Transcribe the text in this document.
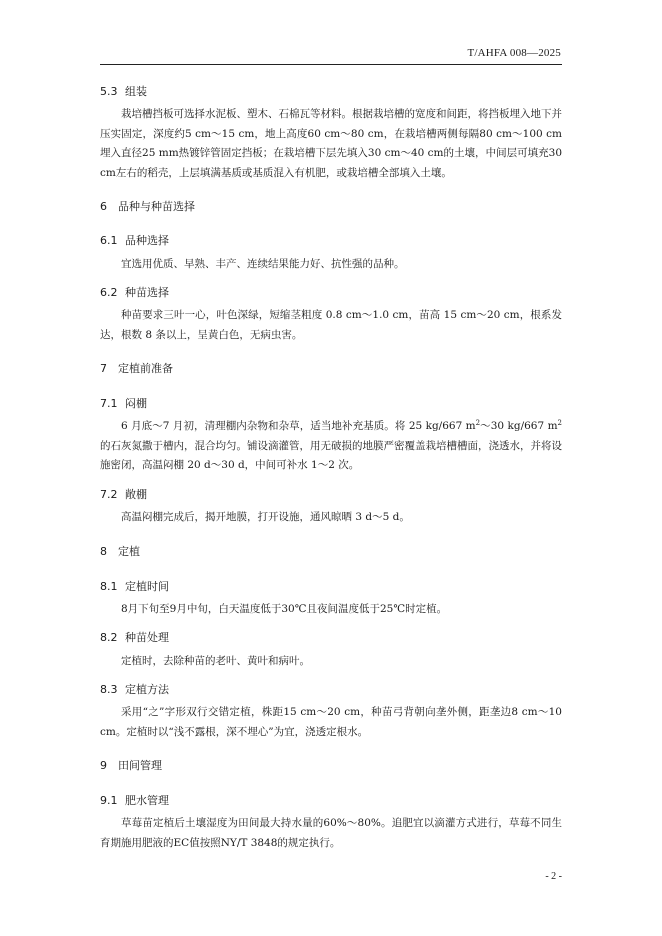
T/AHFA 008—2025
5.3 组装
栽培槽挡板可选择水泥板、塑木、石棉瓦等材料。根据栽培槽的宽度和间距，将挡板埋入地下并压实固定，深度约5 cm～15 cm，地上高度60 cm～80 cm，在栽培槽两侧每隔80 cm～100 cm埋入直径25 mm热镀锌管固定挡板；在栽培槽下层先填入30 cm～40 cm的土壤，中间层可填充30 cm左右的稻壳，上层填满基质或基质混入有机肥，或栽培槽全部填入土壤。
6 品种与种苗选择
6.1 品种选择
宜选用优质、早熟、丰产、连续结果能力好、抗性强的品种。
6.2 种苗选择
种苗要求三叶一心，叶色深绿，短缩茎粗度 0.8 cm～1.0 cm，苗高 15 cm～20 cm，根系发达，根数 8 条以上，呈黄白色，无病虫害。
7 定植前准备
7.1 闷棚
6 月底～7 月初，清理棚内杂物和杂草，适当地补充基质。将 25 kg/667 $m^2\sim 30$ kg/667 $m^2$的石灰氮撒于槽内，混合均匀。铺设滴灌管，用无破损的地膜严密覆盖栽培槽槽面，浇透水，并将设施密闭，高温闷棚 20 d～30 d，中间可补水 1～2 次。
7.2 敞棚
高温闷棚完成后，揭开地膜，打开设施，通风晾晒 3 d～5 d。
8 定植
8.1 定植时间
8月下旬至9月中旬，白天温度低于30℃且夜间温度低于25℃时定植。
8.2 种苗处理
定植时，去除种苗的老叶、黄叶和病叶。
8.3 定植方法
采用“之”字形双行交错定植，株距15 cm～20 cm，种苗弓背朝向垄外侧，距垄边8 cm～10 cm。定植时以“浅不露根，深不埋心”为宜，浇透定根水。
9 田间管理
9.1 肥水管理
草莓苗定植后土壤湿度为田间最大持水量的60%～80%。追肥宜以滴灌方式进行，草莓不同生育期施用肥液的EC值按照NY/T 3848的规定执行。
- 2 -
